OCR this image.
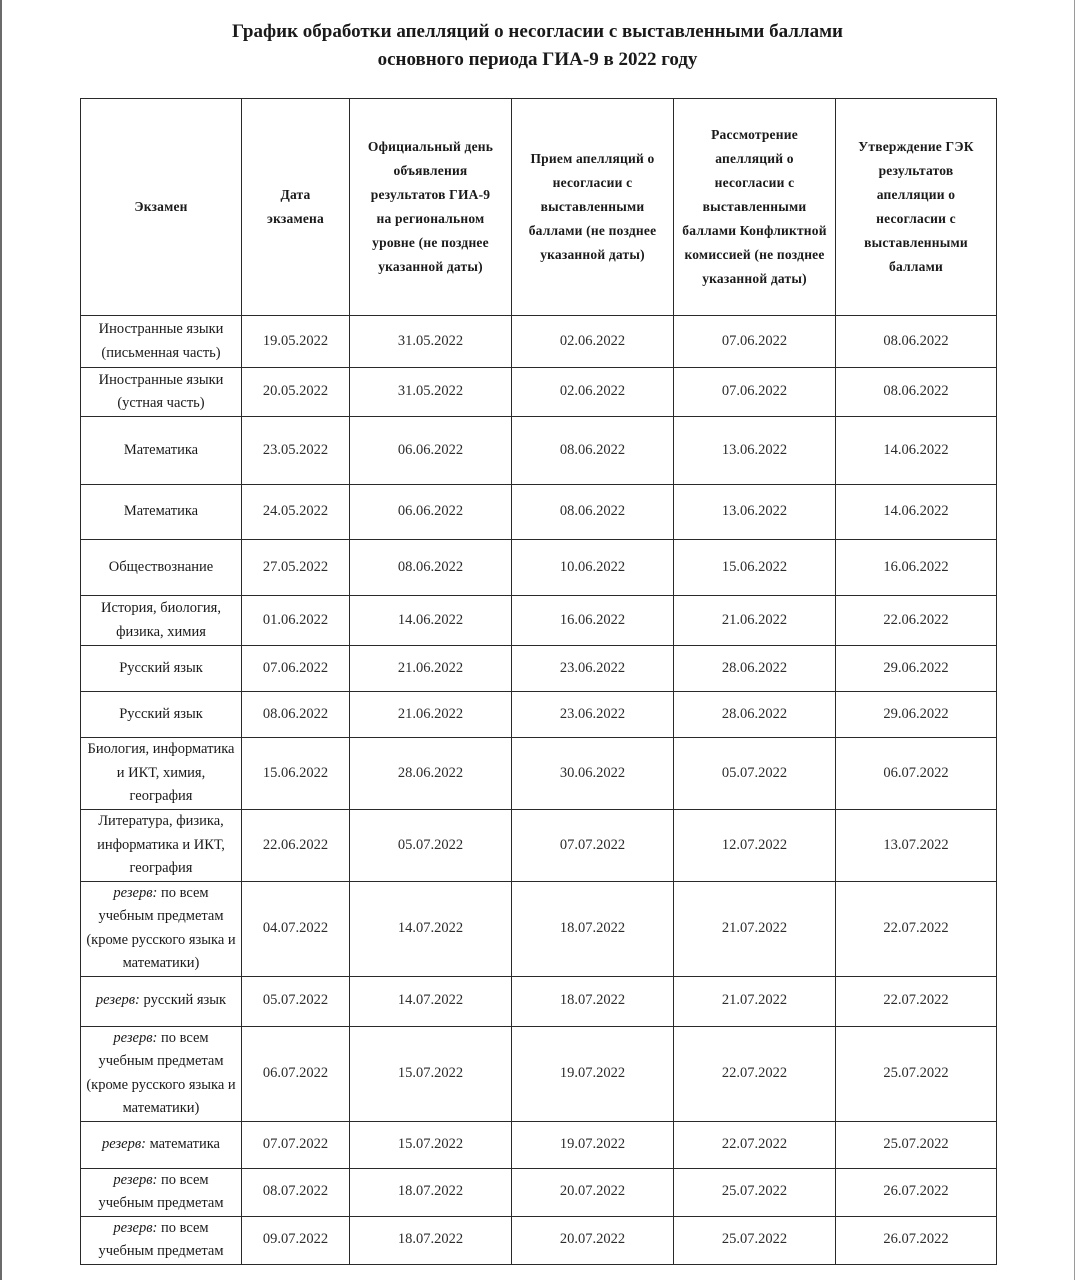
График обработки апелляций о несогласии с выставленными баллами
основного периода ГИА-9 в 2022 году
Экзамен	Дата экзамена	Официальный день объявления результатов ГИА-9 на региональном уровне (не позднее указанной даты)	Прием апелляций о несогласии с выставленными баллами (не позднее указанной даты)	Рассмотрение апелляций о несогласии с выставленными баллами Конфликтной комиссией (не позднее указанной даты)	Утверждение ГЭК результатов апелляции о несогласии с выставленными баллами
Иностранные языки (письменная часть)	19.05.2022	31.05.2022	02.06.2022	07.06.2022	08.06.2022
Иностранные языки (устная часть)	20.05.2022	31.05.2022	02.06.2022	07.06.2022	08.06.2022
Математика	23.05.2022	06.06.2022	08.06.2022	13.06.2022	14.06.2022
Математика	24.05.2022	06.06.2022	08.06.2022	13.06.2022	14.06.2022
Обществознание	27.05.2022	08.06.2022	10.06.2022	15.06.2022	16.06.2022
История, биология, физика, химия	01.06.2022	14.06.2022	16.06.2022	21.06.2022	22.06.2022
Русский язык	07.06.2022	21.06.2022	23.06.2022	28.06.2022	29.06.2022
Русский язык	08.06.2022	21.06.2022	23.06.2022	28.06.2022	29.06.2022
Биология, информатика и ИКТ, химия, география	15.06.2022	28.06.2022	30.06.2022	05.07.2022	06.07.2022
Литература, физика, информатика и ИКТ, география	22.06.2022	05.07.2022	07.07.2022	12.07.2022	13.07.2022
резерв: по всем учебным предметам (кроме русского языка и математики)	04.07.2022	14.07.2022	18.07.2022	21.07.2022	22.07.2022
резерв: русский язык	05.07.2022	14.07.2022	18.07.2022	21.07.2022	22.07.2022
резерв: по всем учебным предметам (кроме русского языка и математики)	06.07.2022	15.07.2022	19.07.2022	22.07.2022	25.07.2022
резерв: математика	07.07.2022	15.07.2022	19.07.2022	22.07.2022	25.07.2022
резерв: по всем учебным предметам	08.07.2022	18.07.2022	20.07.2022	25.07.2022	26.07.2022
резерв: по всем учебным предметам	09.07.2022	18.07.2022	20.07.2022	25.07.2022	26.07.2022
